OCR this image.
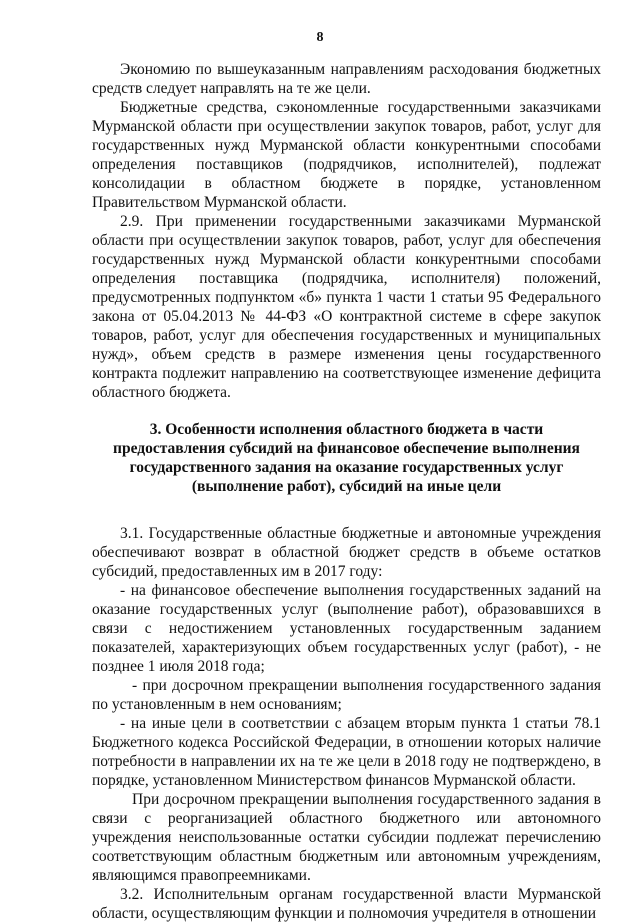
8

Экономию по вышеуказанным направлениям расходования бюджетных средств следует направлять на те же цели.

Бюджетные средства, сэкономленные государственными заказчиками Мурманской области при осуществлении закупок товаров, работ, услуг для государственных нужд Мурманской области конкурентными способами определения поставщиков (подрядчиков, исполнителей), подлежат консолидации в областном бюджете в порядке, установленном Правительством Мурманской области.

2.9. При применении государственными заказчиками Мурманской области при осуществлении закупок товаров, работ, услуг для обеспечения государственных нужд Мурманской области конкурентными способами определения поставщика (подрядчика, исполнителя) положений, предусмотренных подпунктом «б» пункта 1 части 1 статьи 95 Федерального закона от 05.04.2013 № 44-ФЗ «О контрактной системе в сфере закупок товаров, работ, услуг для обеспечения государственных и муниципальных нужд», объем средств в размере изменения цены государственного контракта подлежит направлению на соответствующее изменение дефицита областного бюджета.

3. Особенности исполнения областного бюджета в части предоставления субсидий на финансовое обеспечение выполнения государственного задания на оказание государственных услуг (выполнение работ), субсидий на иные цели

3.1. Государственные областные бюджетные и автономные учреждения обеспечивают возврат в областной бюджет средств в объеме остатков субсидий, предоставленных им в 2017 году:

- на финансовое обеспечение выполнения государственных заданий на оказание государственных услуг (выполнение работ), образовавшихся в связи с недостижением установленных государственным заданием показателей, характеризующих объем государственных услуг (работ), - не позднее 1 июля 2018 года;

- при досрочном прекращении выполнения государственного задания по установленным в нем основаниям;

- на иные цели в соответствии с абзацем вторым пункта 1 статьи 78.1 Бюджетного кодекса Российской Федерации, в отношении которых наличие потребности в направлении их на те же цели в 2018 году не подтверждено, в порядке, установленном Министерством финансов Мурманской области.

При досрочном прекращении выполнения государственного задания в связи с реорганизацией областного бюджетного или автономного учреждения неиспользованные остатки субсидии подлежат перечислению соответствующим областным бюджетным или автономным учреждениям, являющимся правопреемниками.

3.2. Исполнительным органам государственной власти Мурманской области, осуществляющим функции и полномочия учредителя в отношении
